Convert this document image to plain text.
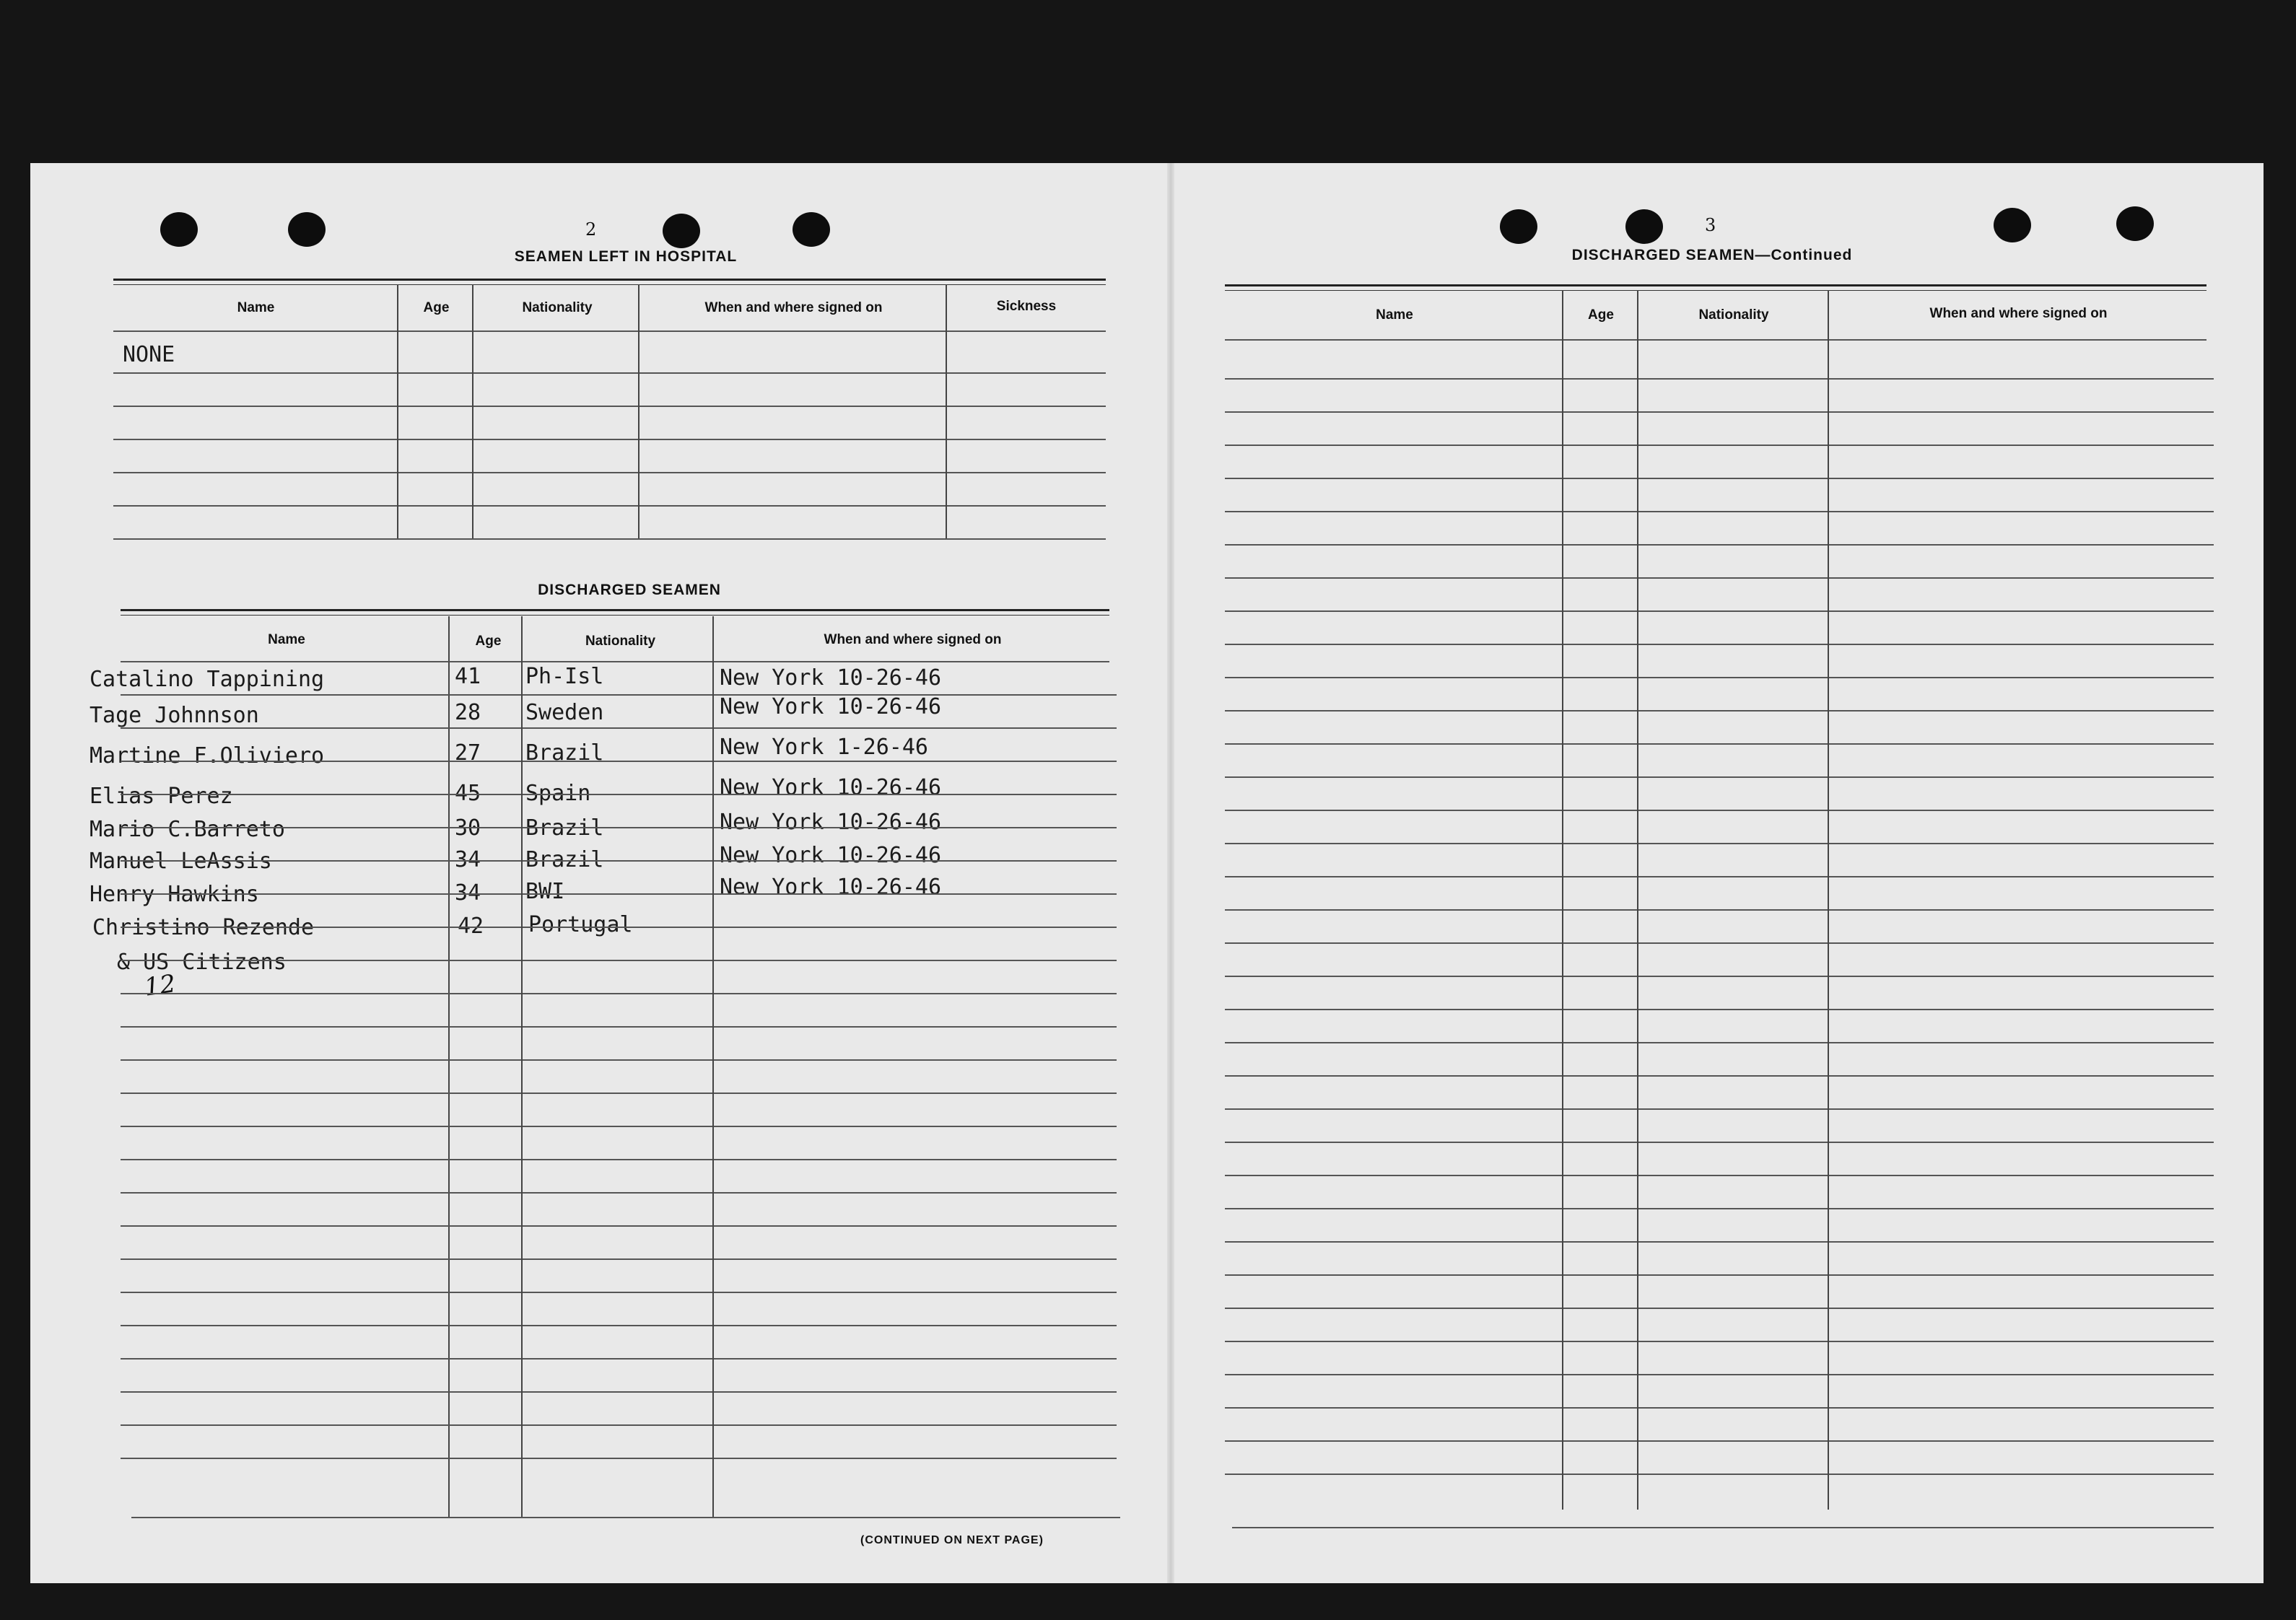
2
SEAMEN LEFT IN HOSPITAL
Name	Age	Nationality	When and where signed on	Sickness
NONE
DISCHARGED SEAMEN
Name	Age	Nationality	When and where signed on
Catalino Tappining	41 Ph-Isl	New York 10-26-46
Tage Johnnson	28 Sweden	New York 10-26-46
Martine F.Oliviero	27 Brazil	New York 1-26-46
Elias Perez	45 Spain	New York 10-26-46
Mario C.Barreto	30 Brazil	New York 10-26-46
Manuel LeAssis	34 Brazil	New York 10-26-46
Henry Hawkins	34 BWI	New York 10-26-46
Christino Rezende	42 Portugal
& US Citizens
12
(CONTINUED ON NEXT PAGE)
3
DISCHARGED SEAMEN—Continued
Name	Age	Nationality	When and where signed on
